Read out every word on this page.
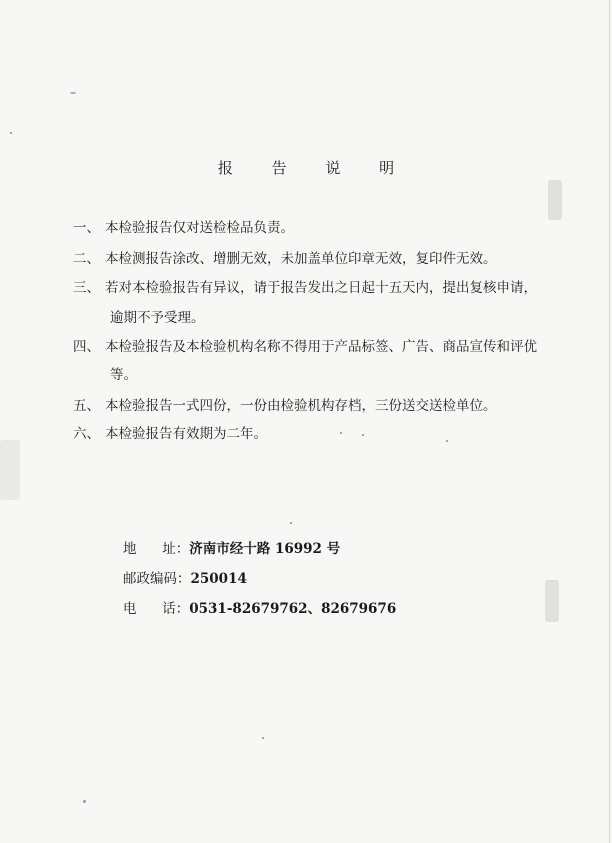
报 告 说 明
一、 本检验报告仅对送检检品负责。
二、 本检测报告涂改、增删无效，未加盖单位印章无效，复印件无效。
三、 若对本检验报告有异议，请于报告发出之日起十五天内，提出复核申请，
逾期不予受理。
四、 本检验报告及本检验机构名称不得用于产品标签、广告、商品宣传和评优
等。
五、 本检验报告一式四份，一份由检验机构存档，三份送交送检单位。
六、 本检验报告有效期为二年。
地      址：济南市经十路 16992 号
邮政编码：250014
电      话：0531-82679762、82679676
